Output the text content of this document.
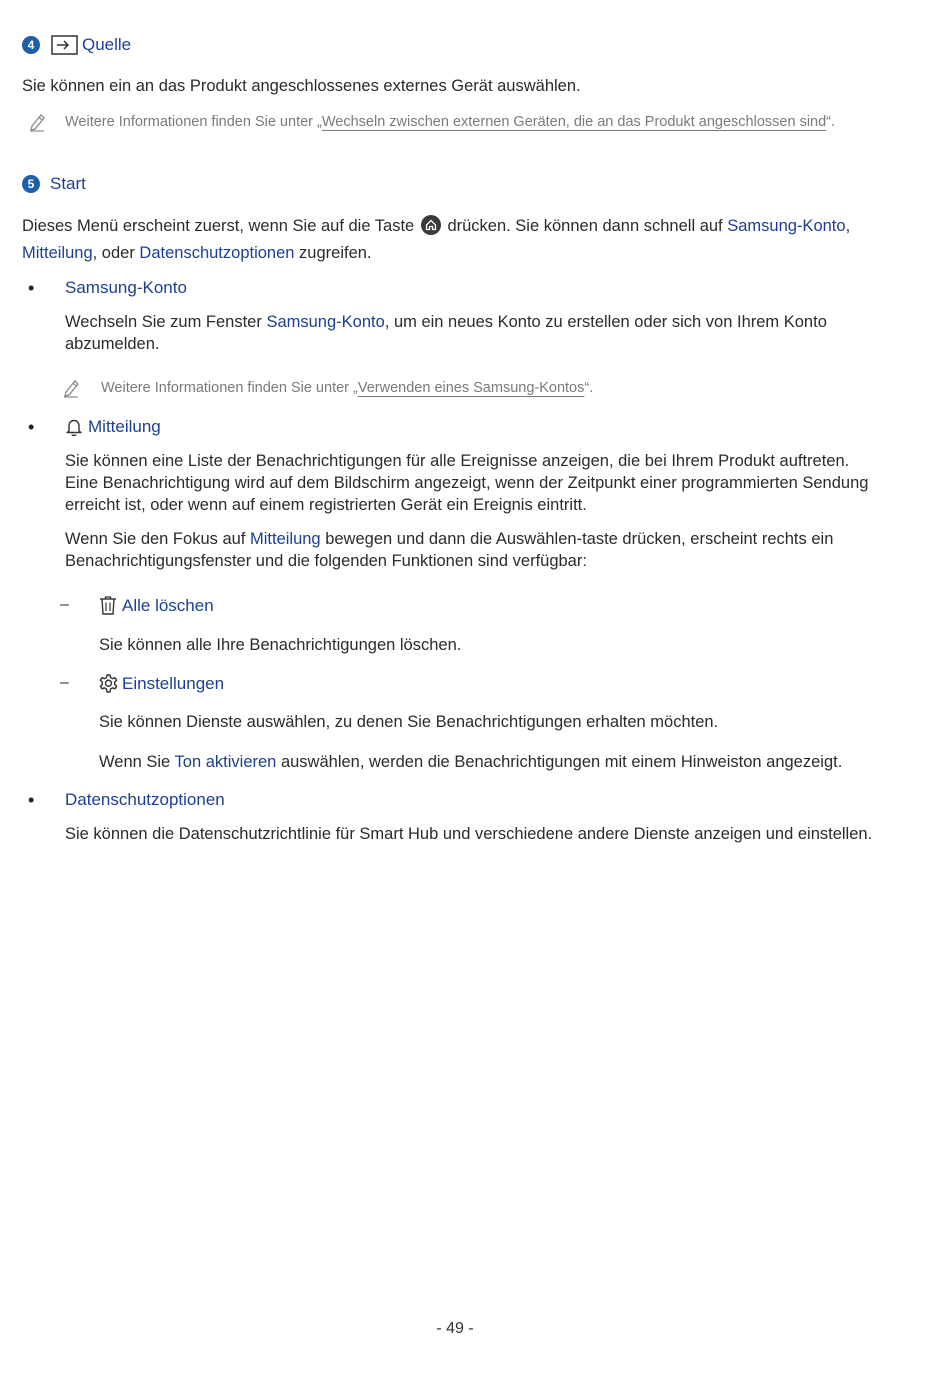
4	Quelle
Sie können ein an das Produkt angeschlossenes externes Gerät auswählen.
Weitere Informationen finden Sie unter „Wechseln zwischen externen Geräten, die an das Produkt angeschlossen sind“.
5 Start
Dieses Menü erscheint zuerst, wenn Sie auf die Taste drücken. Sie können dann schnell auf Samsung-Konto,
Mitteilung, oder Datenschutzoptionen zugreifen.
• Samsung-Konto
Wechseln Sie zum Fenster Samsung-Konto, um ein neues Konto zu erstellen oder sich von Ihrem Konto
abzumelden.
Weitere Informationen finden Sie unter „Verwenden eines Samsung-Kontos“.
•	Mitteilung
Sie können eine Liste der Benachrichtigungen für alle Ereignisse anzeigen, die bei Ihrem Produkt auftreten.
Eine Benachrichtigung wird auf dem Bildschirm angezeigt, wenn der Zeitpunkt einer programmierten Sendung
erreicht ist, oder wenn auf einem registrierten Gerät ein Ereignis eintritt.
Wenn Sie den Fokus auf Mitteilung bewegen und dann die Auswählen-taste drücken, erscheint rechts ein
Benachrichtigungsfenster und die folgenden Funktionen sind verfügbar:
–	Alle löschen
Sie können alle Ihre Benachrichtigungen löschen.
–	Einstellungen
Sie können Dienste auswählen, zu denen Sie Benachrichtigungen erhalten möchten.
Wenn Sie Ton aktivieren auswählen, werden die Benachrichtigungen mit einem Hinweiston angezeigt.
• Datenschutzoptionen
Sie können die Datenschutzrichtlinie für Smart Hub und verschiedene andere Dienste anzeigen und einstellen.
- 49 -
